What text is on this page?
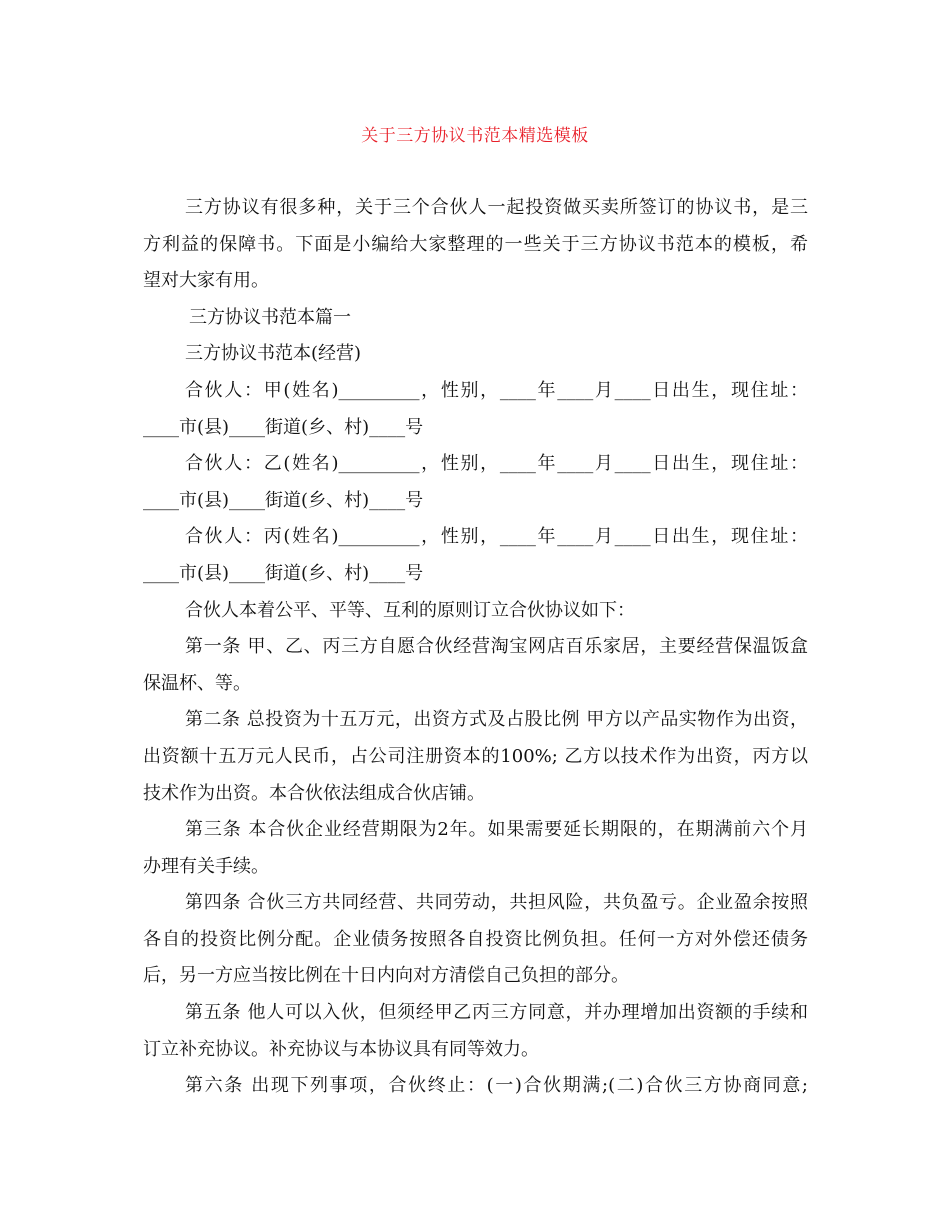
关于三方协议书范本精选模板
三方协议有很多种，关于三个合伙人一起投资做买卖所签订的协议书，是三
方利益的保障书。下面是小编给大家整理的一些关于三方协议书范本的模板，希
望对大家有用。
三方协议书范本篇一
三方协议书范本(经营)
合伙人：甲(姓名)_________，性别，____年____月____日出生，现住址：
____市(县)____街道(乡、村)____号
合伙人：乙(姓名)_________，性别，____年____月____日出生，现住址：
____市(县)____街道(乡、村)____号
合伙人：丙(姓名)_________，性别，____年____月____日出生，现住址：
____市(县)____街道(乡、村)____号
合伙人本着公平、平等、互利的原则订立合伙协议如下：
第一条 甲、乙、丙三方自愿合伙经营淘宝网店百乐家居，主要经营保温饭盒
保温杯、等。
第二条 总投资为十五万元，出资方式及占股比例 甲方以产品实物作为出资，
出资额十五万元人民币，占公司注册资本的100%; 乙方以技术作为出资，丙方以
技术作为出资。本合伙依法组成合伙店铺。
第三条 本合伙企业经营期限为2年。如果需要延长期限的，在期满前六个月
办理有关手续。
第四条 合伙三方共同经营、共同劳动，共担风险，共负盈亏。企业盈余按照
各自的投资比例分配。企业债务按照各自投资比例负担。任何一方对外偿还债务
后，另一方应当按比例在十日内向对方清偿自己负担的部分。
第五条 他人可以入伙，但须经甲乙丙三方同意，并办理增加出资额的手续和
订立补充协议。补充协议与本协议具有同等效力。
第六条 出现下列事项，合伙终止：(一)合伙期满;(二)合伙三方协商同意;
